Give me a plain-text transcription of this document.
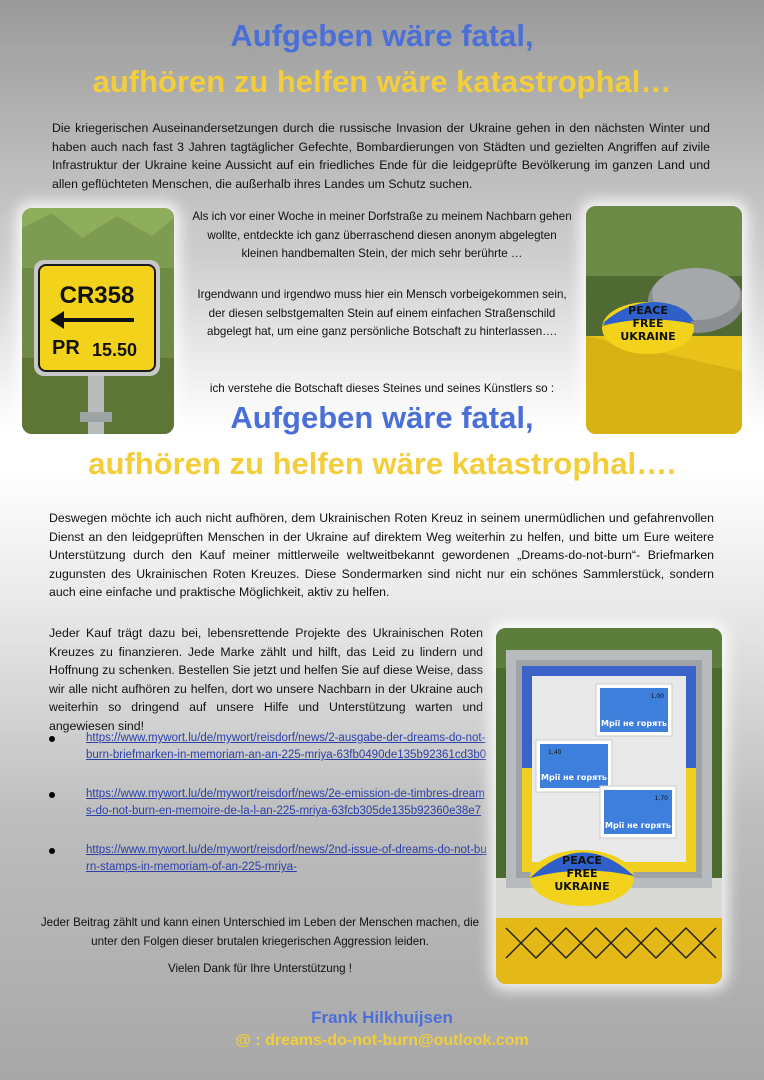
Aufgeben wäre fatal,
aufhören zu helfen wäre katastrophal…
Die kriegerischen Auseinandersetzungen durch die russische Invasion der Ukraine gehen in den nächsten Winter und haben auch nach fast 3 Jahren tagtäglicher Gefechte, Bombardierungen von Städten und gezielten Angriffen auf zivile Infrastruktur der Ukraine keine Aussicht auf ein friedliches Ende für die leidgeprüfte Bevölkerung im ganzen Land und allen geflüchteten Menschen, die außerhalb ihres Landes um Schutz suchen.
CR358
PR 15.50
Als ich vor einer Woche in meiner Dorfstraße zu meinem Nachbarn gehen wollte, entdeckte ich ganz überraschend diesen anonym abgelegten kleinen handbemalten Stein, der mich sehr berührte …
Irgendwann und irgendwo muss hier ein Mensch vorbeigekommen sein, der diesen selbstgemalten Stein auf einem einfachen Straßenschild abgelegt hat, um eine ganz persönliche Botschaft zu hinterlassen….
ich verstehe die Botschaft dieses Steines und seines Künstlers so :
PEACE
FREE
UKRAINE
Aufgeben wäre fatal,
aufhören zu helfen wäre katastrophal….
Deswegen möchte ich auch nicht aufhören, dem Ukrainischen Roten Kreuz in seinem unermüdlichen und gefahrenvollen Dienst an den leidgeprüften Menschen in der Ukraine auf direktem Weg weiterhin zu helfen, und bitte um Eure weitere Unterstützung durch den Kauf meiner mittlerweile weltweitbekannt gewordenen „Dreams-do-not-burn“- Briefmarken zugunsten des Ukrainischen Roten Kreuzes. Diese Sondermarken sind nicht nur ein schönes Sammlerstück, sondern auch eine einfache und praktische Möglichkeit, aktiv zu helfen.
Jeder Kauf trägt dazu bei, lebensrettende Projekte des Ukrainischen Roten Kreuzes zu finanzieren. Jede Marke zählt und hilft, das Leid zu lindern und Hoffnung zu schenken. Bestellen Sie jetzt und helfen Sie auf diese Weise, dass wir alle nicht aufhören zu helfen, dort wo unsere Nachbarn in der Ukraine auch weiterhin so dringend auf unsere Hilfe und Unterstützung warten und angewiesen sind!
https://www.mywort.lu/de/mywort/reisdorf/news/2-ausgabe-der-dreams-do-not-burn-briefmarken-in-memoriam-an-an-225-mriya-63fb0490de135b92361cd3b0
https://www.mywort.lu/de/mywort/reisdorf/news/2e-emission-de-timbres-dreams-do-not-burn-en-memoire-de-la-l-an-225-mriya-63fcb305de135b92360e38e7
https://www.mywort.lu/de/mywort/reisdorf/news/2nd-issue-of-dreams-do-not-burn-stamps-in-memoriam-of-an-225-mriya-
1,00
Мрії не горять
1,40
Мрії не горять
1,70
Мрії не горять
PEACE
FREE
UKRAINE
Jeder Beitrag zählt und kann einen Unterschied im Leben der Menschen machen, die unter den Folgen dieser brutalen kriegerischen Aggression leiden.
Vielen Dank für Ihre Unterstützung !
Frank Hilkhuijsen
@ : dreams-do-not-burn@outlook.com
